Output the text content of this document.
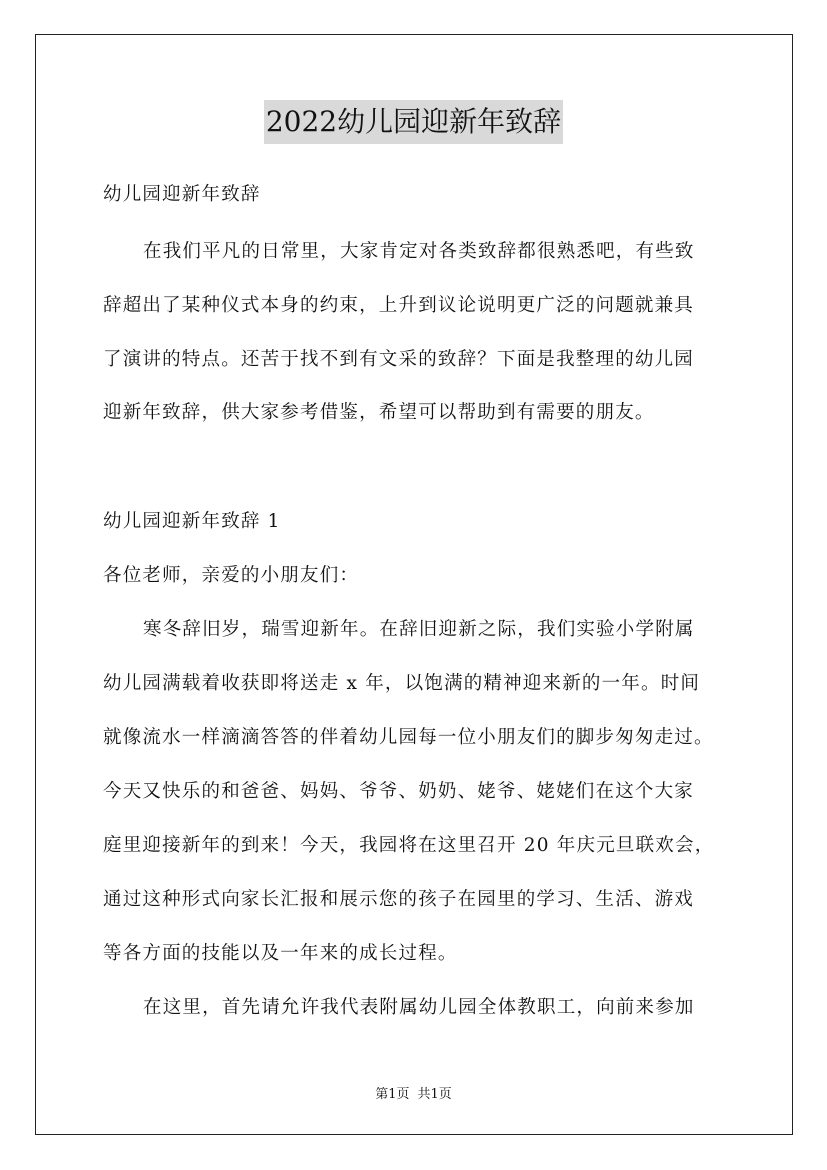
2022幼儿园迎新年致辞
幼儿园迎新年致辞
在我们平凡的日常里，大家肯定对各类致辞都很熟悉吧，有些致
辞超出了某种仪式本身的约束，上升到议论说明更广泛的问题就兼具
了演讲的特点。还苦于找不到有文采的致辞？下面是我整理的幼儿园
迎新年致辞，供大家参考借鉴，希望可以帮助到有需要的朋友。
幼儿园迎新年致辞 1
各位老师，亲爱的小朋友们：
寒冬辞旧岁，瑞雪迎新年。在辞旧迎新之际，我们实验小学附属
幼儿园满载着收获即将送走 x 年，以饱满的精神迎来新的一年。时间
就像流水一样滴滴答答的伴着幼儿园每一位小朋友们的脚步匆匆走过。
今天又快乐的和爸爸、妈妈、爷爷、奶奶、姥爷、姥姥们在这个大家
庭里迎接新年的到来！今天，我园将在这里召开 20 年庆元旦联欢会，
通过这种形式向家长汇报和展示您的孩子在园里的学习、生活、游戏
等各方面的技能以及一年来的成长过程。
在这里，首先请允许我代表附属幼儿园全体教职工，向前来参加
第1页 共1页
